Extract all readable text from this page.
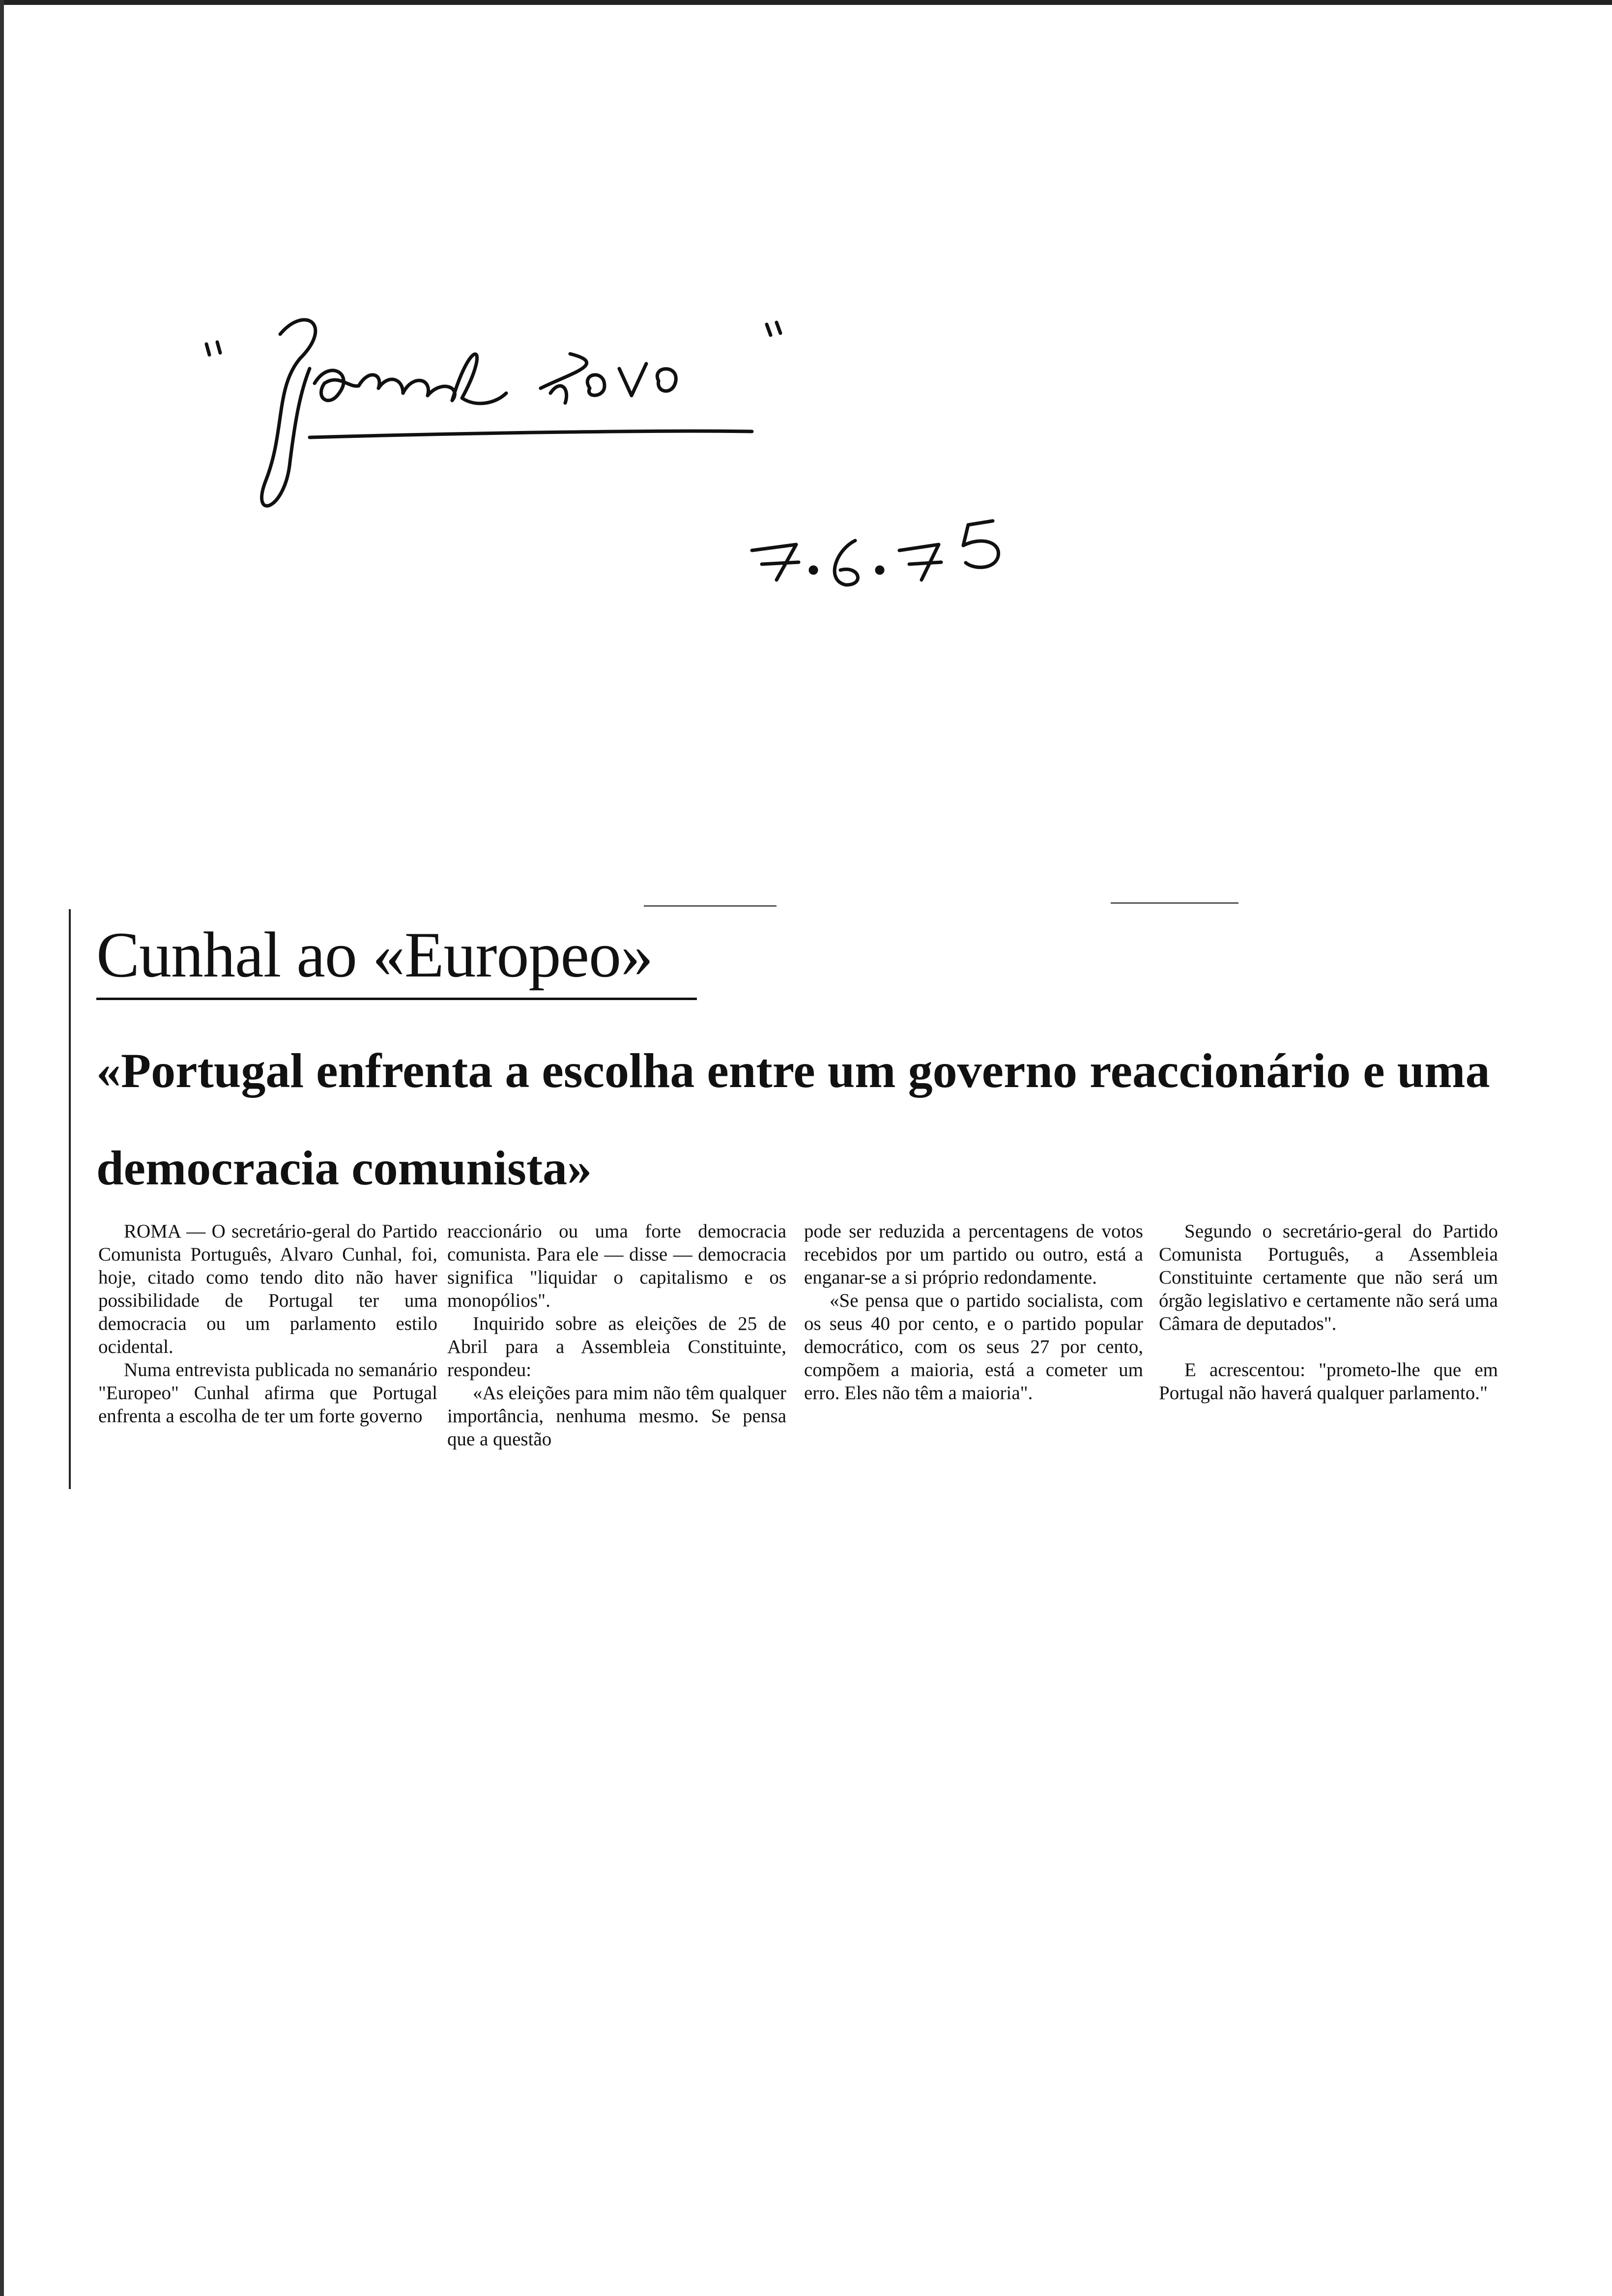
Cunhal ao «Europeo»
«Portugal enfrenta a escolha entre um governo reaccionário e uma democracia comunista»

ROMA — O secretário-geral do Partido Comunista Português, Alvaro Cunhal, foi, hoje, citado como tendo dito não haver possibilidade de Portugal ter uma democracia ou um parlamento estilo ocidental.

Numa entrevista publicada no semanário "Europeo" Cunhal afirma que Portugal enfrenta a escolha de ter um forte governo

reaccionário ou uma forte democracia comunista. Para ele — disse — democracia significa "liquidar o capitalismo e os monopólios".

Inquirido sobre as eleições de 25 de Abril para a Assembleia Constituinte, respondeu:

«As eleições para mim não têm qualquer importância, nenhuma mesmo. Se pensa que a questão

pode ser reduzida a percentagens de votos recebidos por um partido ou outro, está a enganar-se a si próprio redondamente.

«Se pensa que o partido socialista, com os seus 40 por cento, e o partido popular democrático, com os seus 27 por cento, compõem a maioria, está a cometer um erro. Eles não têm a maioria".

Segundo o secretário-geral do Partido Comunista Português, a Assembleia Constituinte certamente que não será um órgão legislativo e certamente não será uma Câmara de deputados".

E acrescentou: "prometo-lhe que em Portugal não haverá qualquer parlamento."
